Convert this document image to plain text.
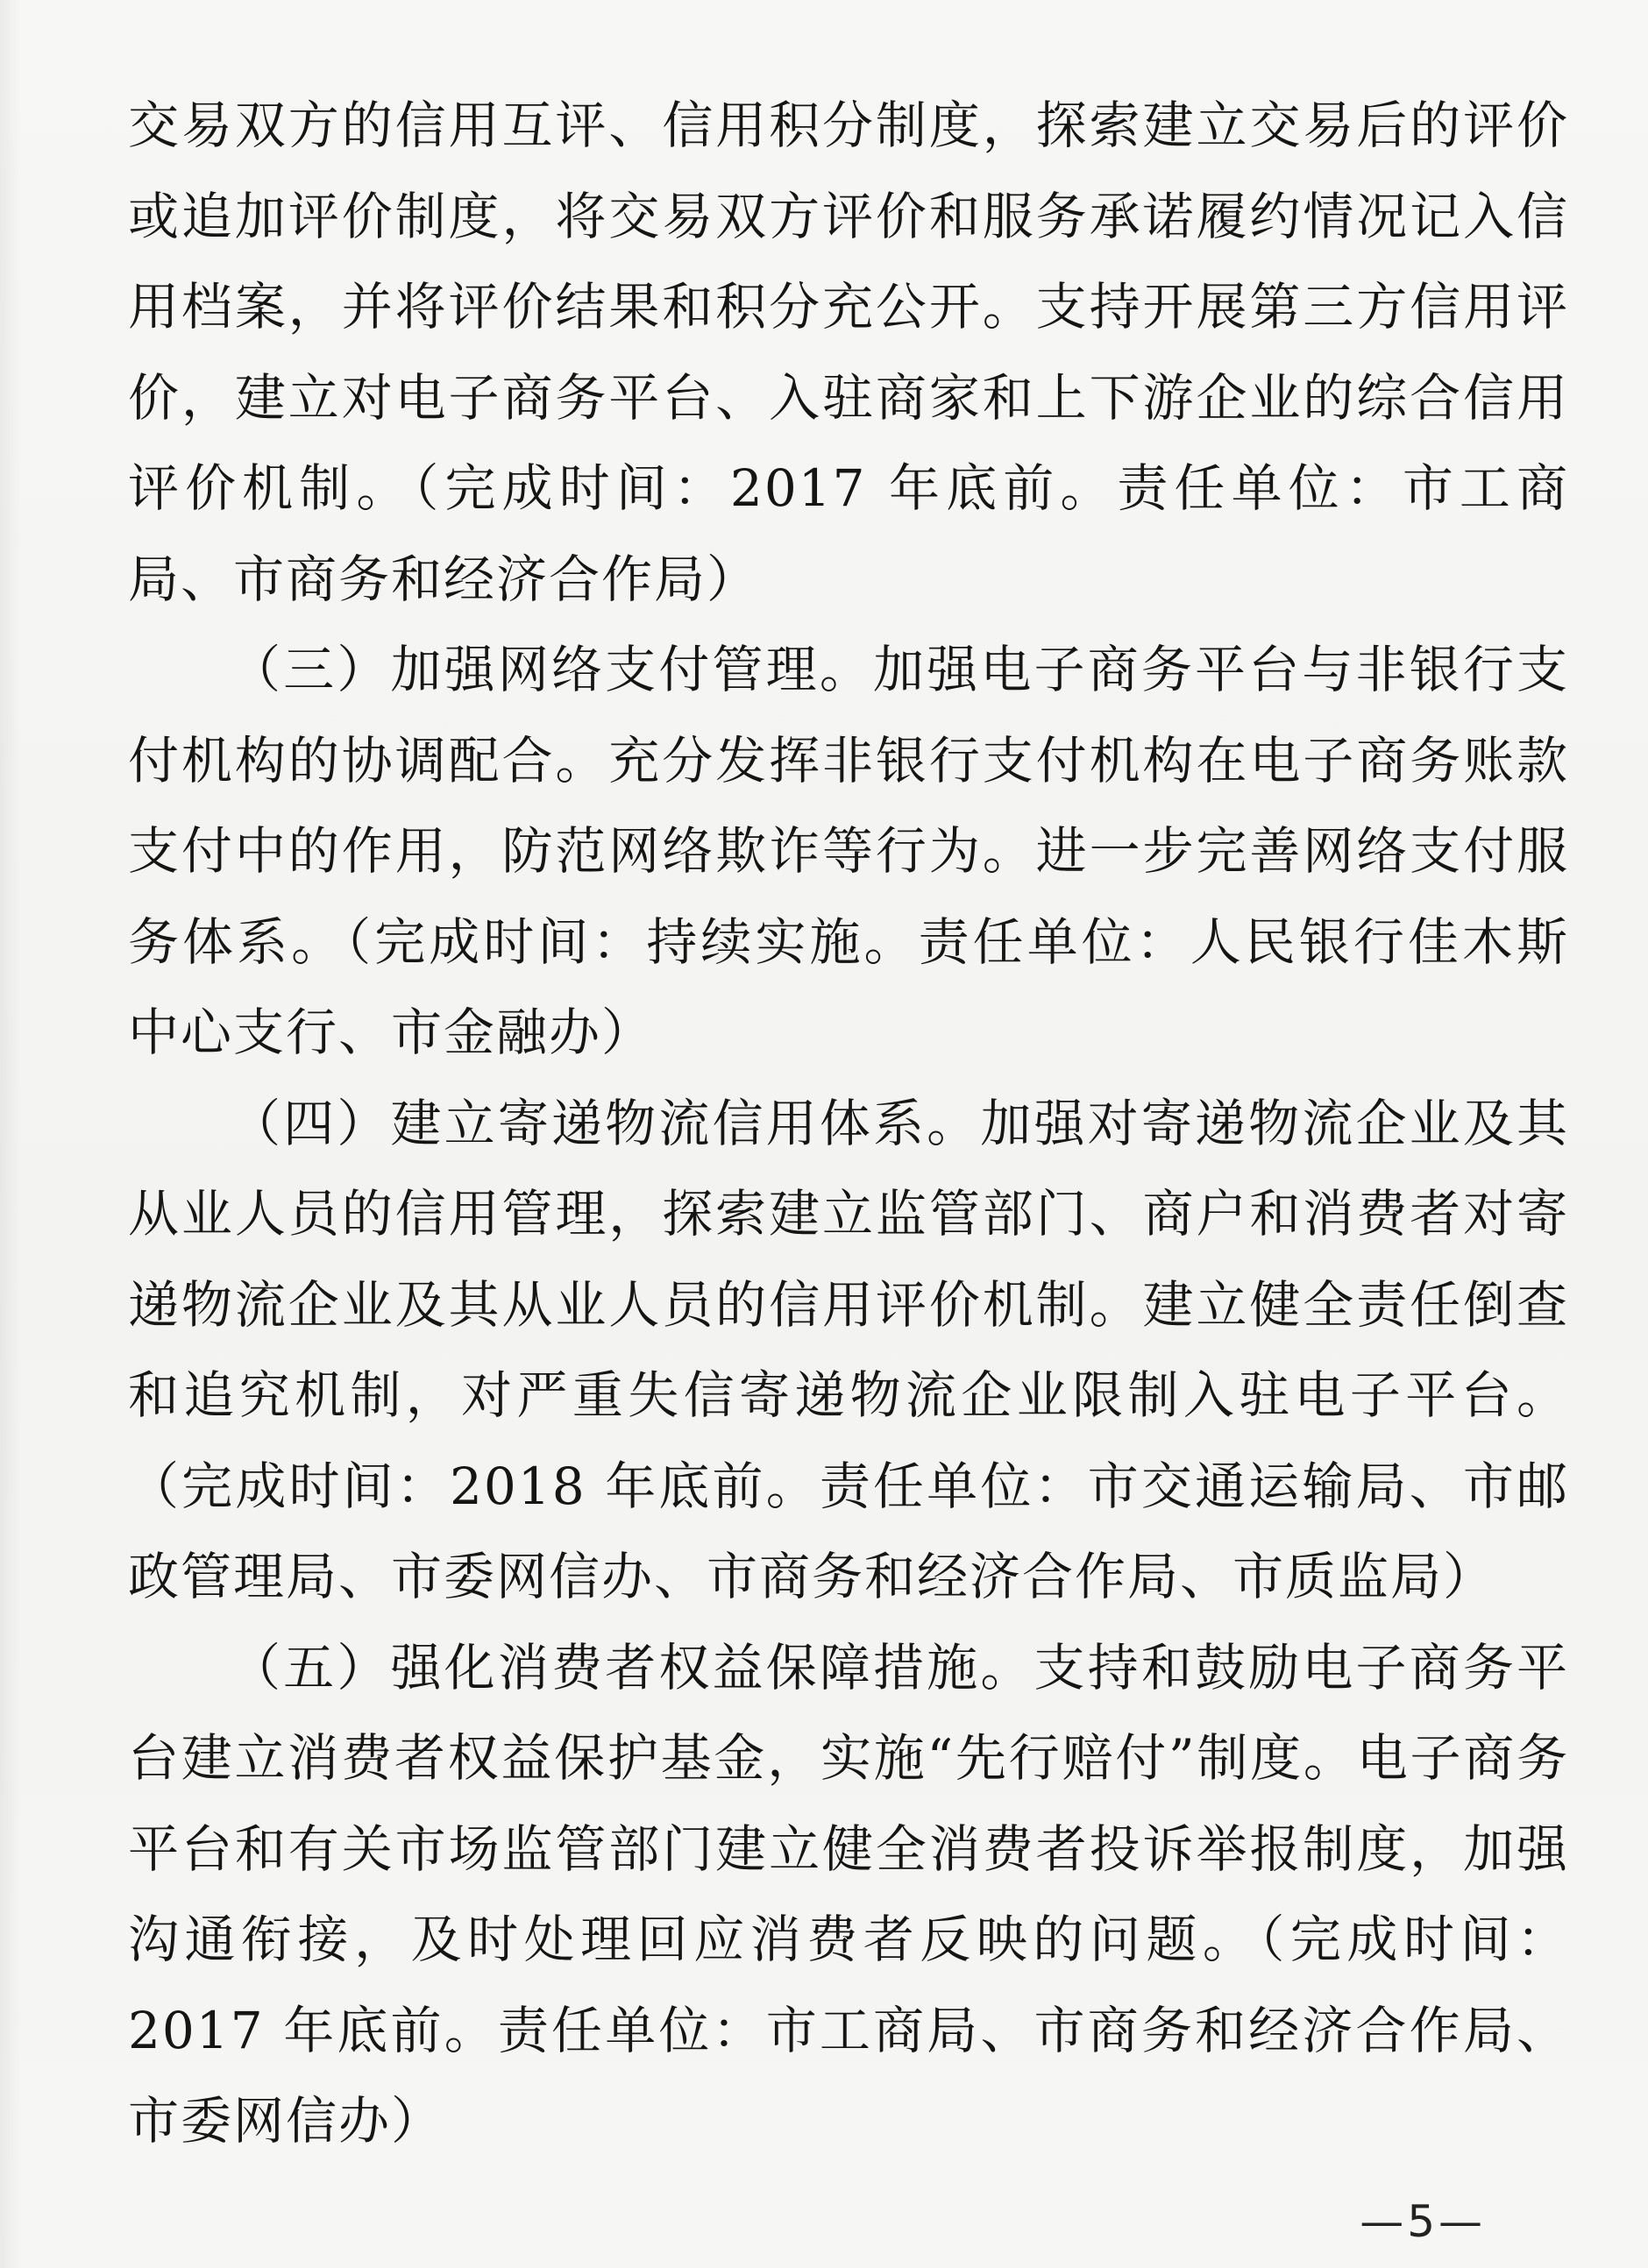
交易双方的信用互评、信用积分制度，探索建立交易后的评价或追加评价制度，将交易双方评价和服务承诺履约情况记入信用档案，并将评价结果和积分充公开。支持开展第三方信用评价，建立对电子商务平台、入驻商家和上下游企业的综合信用评价机制。（完成时间：2017 年底前。责任单位：市工商局、市商务和经济合作局）

（三）加强网络支付管理。加强电子商务平台与非银行支付机构的协调配合。充分发挥非银行支付机构在电子商务账款支付中的作用，防范网络欺诈等行为。进一步完善网络支付服务体系。（完成时间：持续实施。责任单位：人民银行佳木斯中心支行、市金融办）

（四）建立寄递物流信用体系。加强对寄递物流企业及其从业人员的信用管理，探索建立监管部门、商户和消费者对寄递物流企业及其从业人员的信用评价机制。建立健全责任倒查和追究机制，对严重失信寄递物流企业限制入驻电子平台。（完成时间：2018 年底前。责任单位：市交通运输局、市邮政管理局、市委网信办、市商务和经济合作局、市质监局）

（五）强化消费者权益保障措施。支持和鼓励电子商务平台建立消费者权益保护基金，实施“先行赔付”制度。电子商务平台和有关市场监管部门建立健全消费者投诉举报制度，加强沟通衔接，及时处理回应消费者反映的问题。（完成时间：2017 年底前。责任单位：市工商局、市商务和经济合作局、市委网信办）

—5—
